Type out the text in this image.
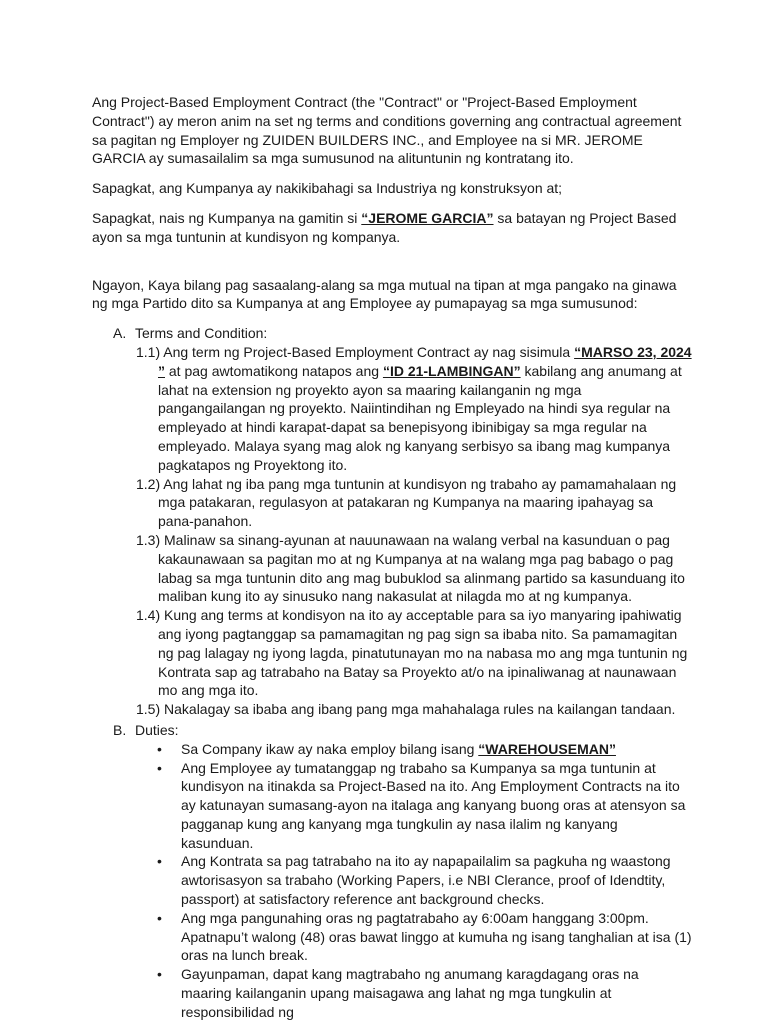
Ang Project-Based Employment Contract (the "Contract" or "Project-Based Employment Contract") ay meron anim na set ng terms and conditions governing ang contractual agreement sa pagitan ng Employer ng ZUIDEN BUILDERS INC., and Employee na si MR. JEROME GARCIA ay sumasailalim sa mga sumusunod na alituntunin ng kontratang ito.

Sapagkat, ang Kumpanya ay nakikibahagi sa Industriya ng konstruksyon at;

Sapagkat, nais ng Kumpanya na gamitin si “JEROME GARCIA” sa batayan ng Project Based ayon sa mga tuntunin at kundisyon ng kompanya.

Ngayon, Kaya bilang pag sasaalang-alang sa mga mutual na tipan at mga pangako na ginawa ng mga Partido dito sa Kumpanya at ang Employee ay pumapayag sa mga sumusunod:

A. Terms and Condition:

1.1) Ang term ng Project-Based Employment Contract ay nag sisimula “MARSO 23, 2024 ” at pag awtomatikong natapos ang “ID 21-LAMBINGAN” kabilang ang anumang at lahat na extension ng proyekto ayon sa maaring kailanganin ng mga pangangailangan ng proyekto. Naiintindihan ng Empleyado na hindi sya regular na empleyado at hindi karapat-dapat sa benepisyong ibinibigay sa mga regular na empleyado. Malaya syang mag alok ng kanyang serbisyo sa ibang mag kumpanya pagkatapos ng Proyektong ito.

1.2) Ang lahat ng iba pang mga tuntunin at kundisyon ng trabaho ay pamamahalaan ng mga patakaran, regulasyon at patakaran ng Kumpanya na maaring ipahayag sa pana-panahon.

1.3) Malinaw sa sinang-ayunan at nauunawaan na walang verbal na kasunduan o pag kakaunawaan sa pagitan mo at ng Kumpanya at na walang mga pag babago o pag labag sa mga tuntunin dito ang mag bubuklod sa alinmang partido sa kasunduang ito maliban kung ito ay sinusuko nang nakasulat at nilagda mo at ng kumpanya.

1.4) Kung ang terms at kondisyon na ito ay acceptable para sa iyo manyaring ipahiwatig ang iyong pagtanggap sa pamamagitan ng pag sign sa ibaba nito. Sa pamamagitan ng pag lalagay ng iyong lagda, pinatutunayan mo na nabasa mo ang mga tuntunin ng Kontrata sap ag tatrabaho na Batay sa Proyekto at/o na ipinaliwanag at naunawaan mo ang mga ito.

1.5) Nakalagay sa ibaba ang ibang pang mga mahahalaga rules na kailangan tandaan.

B. Duties:
• Sa Company ikaw ay naka employ bilang isang “WAREHOUSEMAN”
• Ang Employee ay tumatanggap ng trabaho sa Kumpanya sa mga tuntunin at kundisyon na itinakda sa Project-Based na ito. Ang Employment Contracts na ito ay katunayan sumasang-ayon na italaga ang kanyang buong oras at atensyon sa pagganap kung ang kanyang mga tungkulin ay nasa ilalim ng kanyang kasunduan.
• Ang Kontrata sa pag tatrabaho na ito ay napapailalim sa pagkuha ng waastong awtorisasyon sa trabaho (Working Papers, i.e NBI Clerance, proof of Idendtity, passport) at satisfactory reference ant background checks.
• Ang mga pangunahing oras ng pagtatrabaho ay 6:00am hanggang 3:00pm. Apatnapu’t walong (48) oras bawat linggo at kumuha ng isang tanghalian at isa (1) oras na lunch break.
• Gayunpaman, dapat kang magtrabaho ng anumang karagdagang oras na maaring kailanganin upang maisagawa ang lahat ng mga tungkulin at responsibilidad ng
